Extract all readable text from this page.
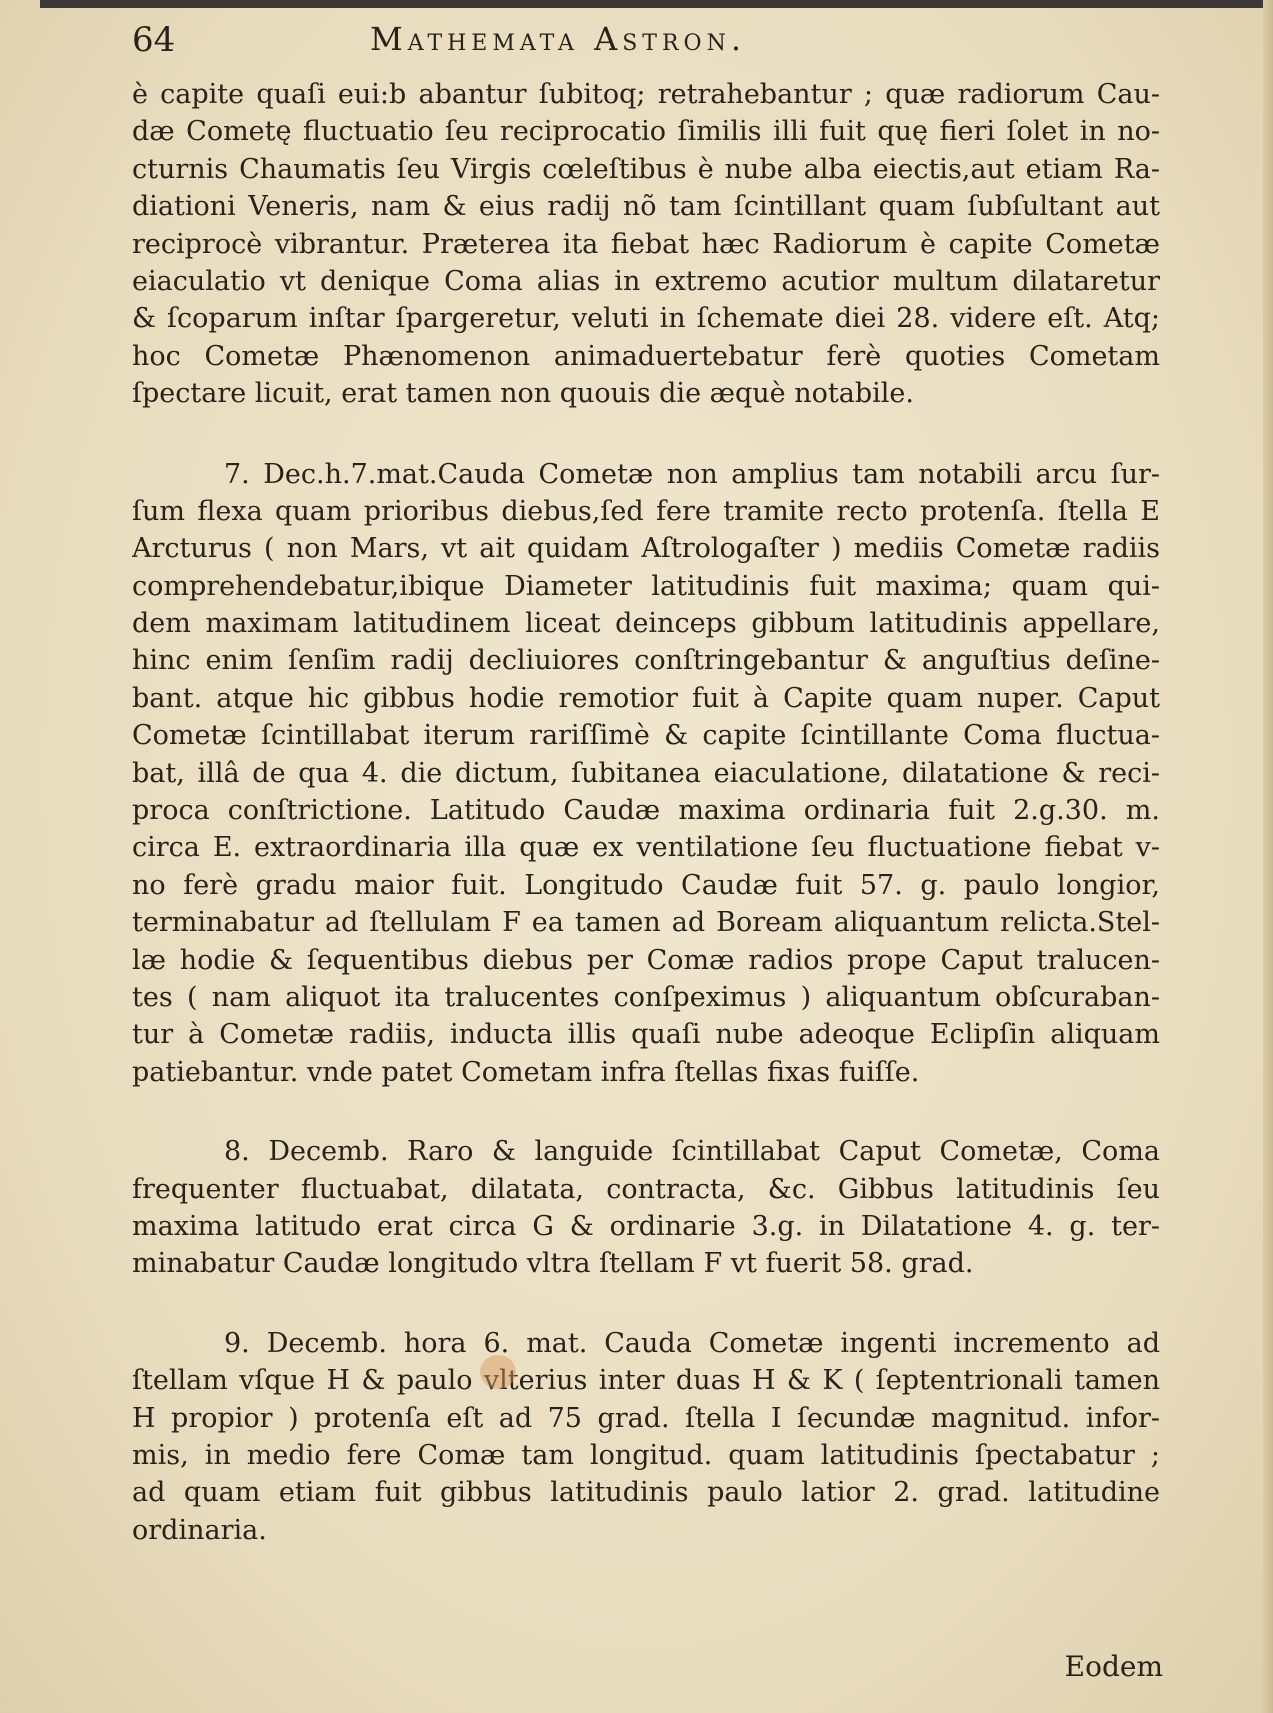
64	Mathemata Astron.

è capite quaſi eui:b abantur ſubitoq; retrahebantur ; quæ radiorum Cau-
dæ Cometę fluctuatio ſeu reciprocatio ſimilis illi fuit quę fieri ſolet in no-
cturnis Chaumatis ſeu Virgis cœleſtibus è nube alba eiectis,aut etiam Ra-
diationi Veneris, nam & eius radij nõ tam ſcintillant quam ſubſultant aut
reciprocè vibrantur. Præterea ita fiebat hæc Radiorum è capite Cometæ
eiaculatio vt denique Coma alias in extremo acutior multum dilataretur
& ſcoparum inſtar ſpargeretur, veluti in ſchemate diei 28. videre eſt. Atq;
hoc Cometæ Phænomenon animaduertebatur ferè quoties Cometam
ſpectare licuit, erat tamen non quouis die æquè notabile.

7. Dec.h.7.mat.Cauda Cometæ non amplius tam notabili arcu ſur-
ſum flexa quam prioribus diebus,ſed fere tramite recto protenſa. ſtella E
Arcturus ( non Mars, vt ait quidam Aſtrologaſter ) mediis Cometæ radiis
comprehendebatur,ibique Diameter latitudinis fuit maxima; quam qui-
dem maximam latitudinem liceat deinceps gibbum latitudinis appellare,
hinc enim ſenſim radij decliuiores conſtringebantur & anguſtius deſine-
bant. atque hic gibbus hodie remotior fuit à Capite quam nuper. Caput
Cometæ ſcintillabat iterum rariſſimè & capite ſcintillante Coma fluctua-
bat, illâ de qua 4. die dictum, ſubitanea eiaculatione, dilatatione & reci-
proca conſtrictione. Latitudo Caudæ maxima ordinaria fuit 2.g.30. m.
circa E. extraordinaria illa quæ ex ventilatione ſeu fluctuatione fiebat v-
no ferè gradu maior fuit. Longitudo Caudæ fuit 57. g. paulo longior,
terminabatur ad ſtellulam F ea tamen ad Boream aliquantum relicta.Stel-
læ hodie & ſequentibus diebus per Comæ radios prope Caput tralucen-
tes ( nam aliquot ita tralucentes conſpeximus ) aliquantum obſcuraban-
tur à Cometæ radiis, inducta illis quaſi nube adeoque Eclipſin aliquam
patiebantur. vnde patet Cometam infra ſtellas fixas fuiſſe.

8. Decemb. Raro & languide ſcintillabat Caput Cometæ, Coma
frequenter fluctuabat, dilatata, contracta, &c. Gibbus latitudinis ſeu
maxima latitudo erat circa G & ordinarie 3.g. in Dilatatione 4. g. ter-
minabatur Caudæ longitudo vltra ſtellam F vt fuerit 58. grad.

9. Decemb. hora 6. mat. Cauda Cometæ ingenti incremento ad
ſtellam vſque H & paulo vlterius inter duas H & K ( ſeptentrionali tamen
H propior ) protenſa eſt ad 75 grad. ſtella I ſecundæ magnitud. infor-
mis, in medio fere Comæ tam longitud. quam latitudinis ſpectabatur ;
ad quam etiam fuit gibbus latitudinis paulo latior 2. grad. latitudine
ordinaria.

Eodem
